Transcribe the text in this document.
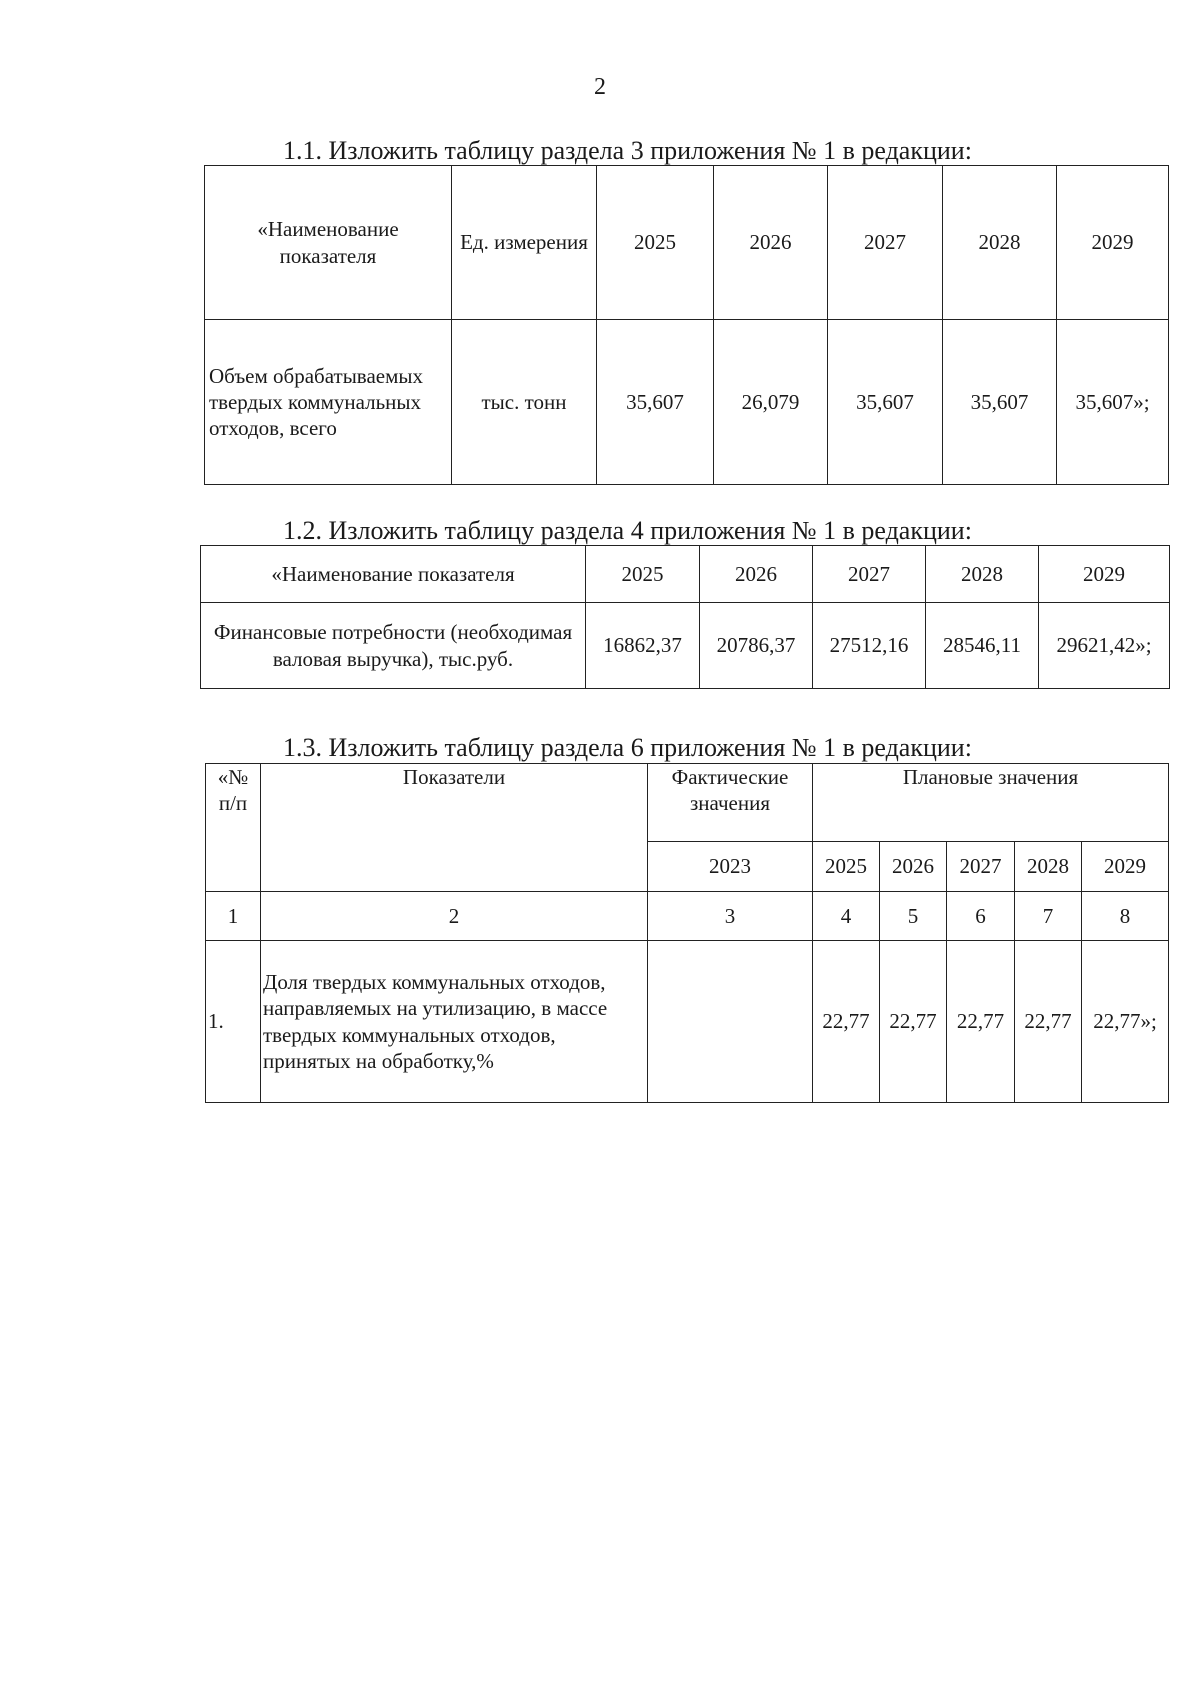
2
1.1. Изложить таблицу раздела 3 приложения № 1 в редакции:
«Наименование показателя	Ед. измерения	2025	2026	2027	2028	2029
Объем обрабатываемых твердых коммунальных отходов, всего	тыс. тонн	35,607	26,079	35,607	35,607	35,607»;
1.2. Изложить таблицу раздела 4 приложения № 1 в редакции:
«Наименование показателя	2025	2026	2027	2028	2029
Финансовые потребности (необходимая валовая выручка), тыс.руб.	16862,37	20786,37	27512,16	28546,11	29621,42»;
1.3. Изложить таблицу раздела 6 приложения № 1 в редакции:
«№ п/п	Показатели	Фактические значения	Плановые значения				
		2023	2025	2026	2027	2028	2029
1	2	3	4	5	6	7	8
1.	Доля твердых коммунальных отходов, направляемых на утилизацию, в массе твердых коммунальных отходов, принятых на обработку,%		22,77	22,77	22,77	22,77	22,77»;
